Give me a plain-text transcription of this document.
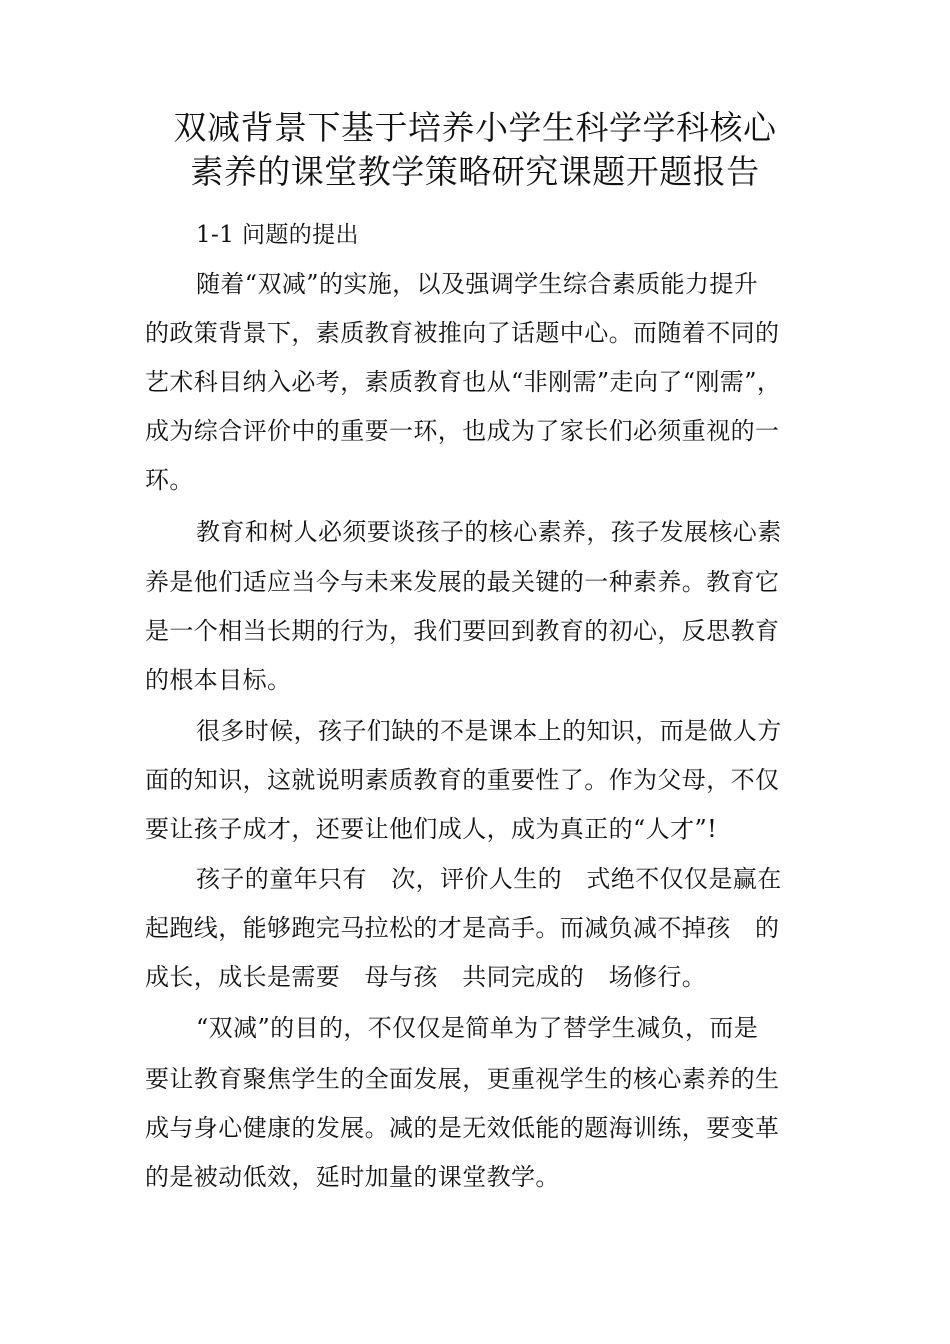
双减背景下基于培养小学生科学学科核心
素养的课堂教学策略研究课题开题报告
1-1 问题的提出
随着“双减”的实施，以及强调学生综合素质能力提升
的政策背景下，素质教育被推向了话题中心。而随着不同的
艺术科目纳入必考，素质教育也从“非刚需”走向了“刚需”，
成为综合评价中的重要一环，也成为了家长们必须重视的一
环。
教育和树人必须要谈孩子的核心素养，孩子发展核心素
养是他们适应当今与未来发展的最关键的一种素养。教育它
是一个相当长期的行为，我们要回到教育的初心，反思教育
的根本目标。
很多时候，孩子们缺的不是课本上的知识，而是做人方
面的知识，这就说明素质教育的重要性了。作为父母，不仅
要让孩子成才，还要让他们成人，成为真正的“人才”!
孩子的童年只有　次，评价人生的　式绝不仅仅是赢在
起跑线，能够跑完马拉松的才是高手。而减负减不掉孩　的
成长，成长是需要　母与孩　共同完成的　场修行。
“双减”的目的，不仅仅是简单为了替学生减负，而是
要让教育聚焦学生的全面发展，更重视学生的核心素养的生
成与身心健康的发展。减的是无效低能的题海训练，要变革
的是被动低效，延时加量的课堂教学。
